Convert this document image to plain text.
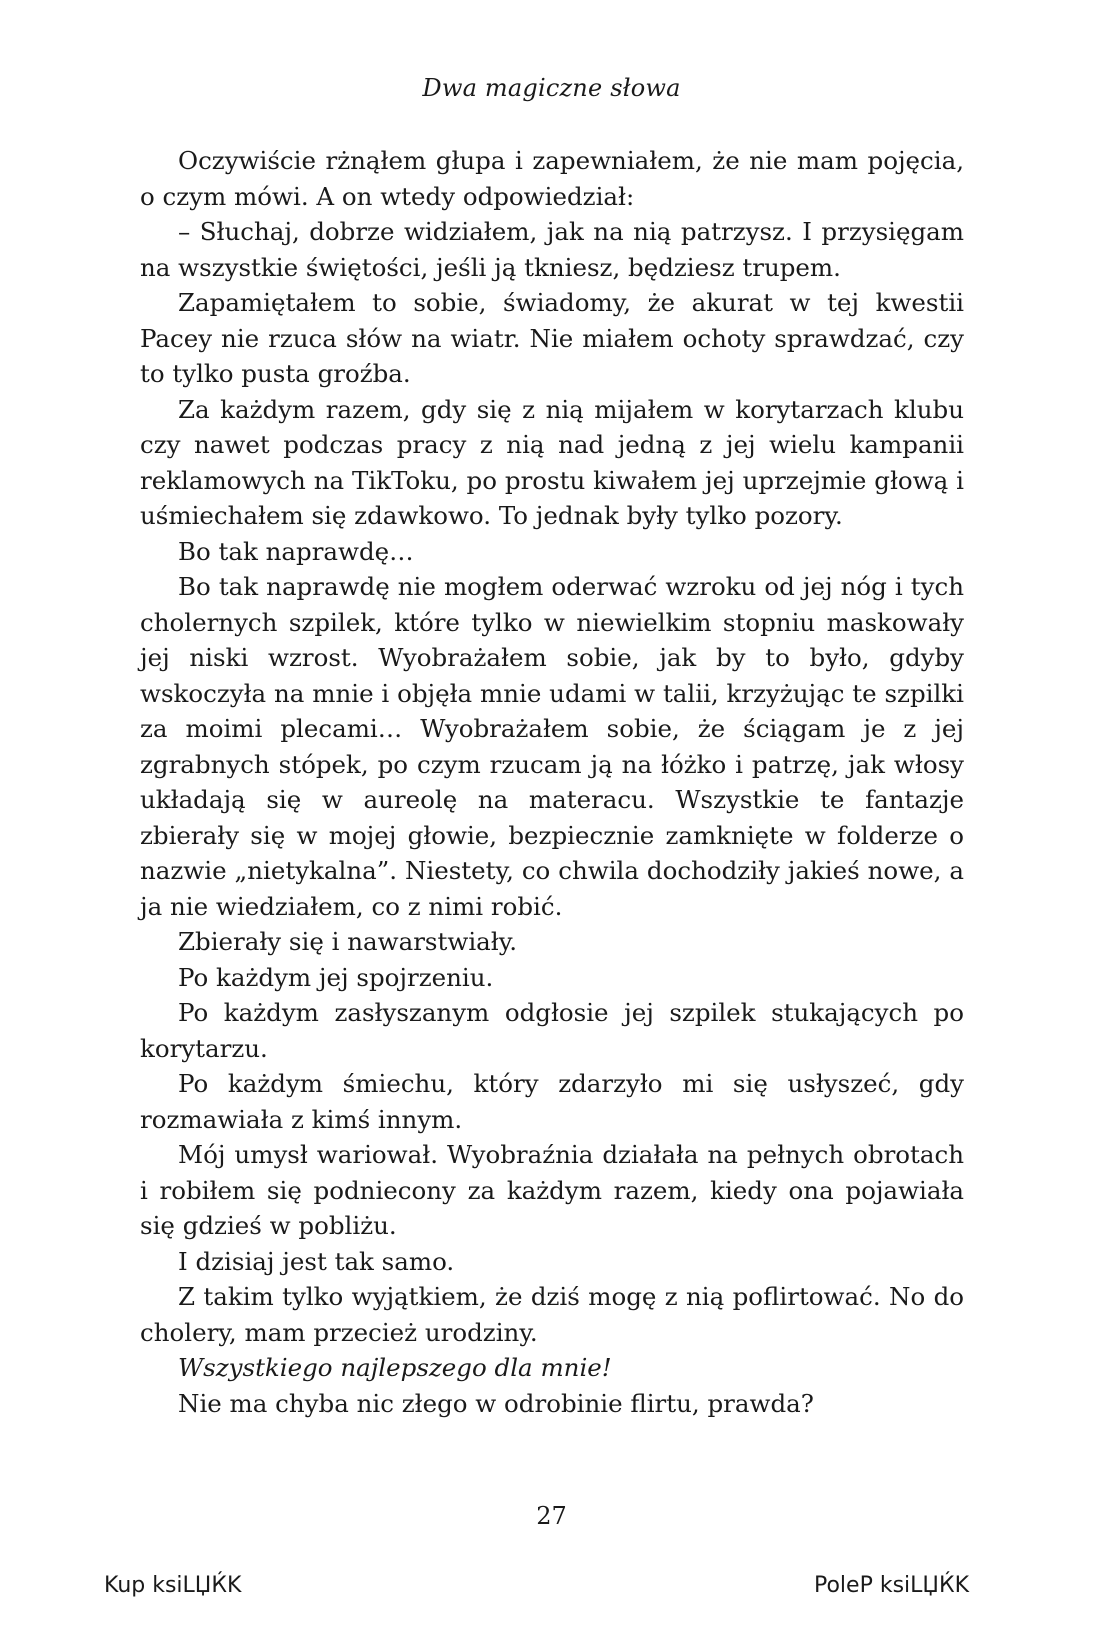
Dwa magiczne słowa

Oczywiście rżnąłem głupa i zapewniałem, że nie mam pojęcia, o czym mówi. A on wtedy odpowiedział:

– Słuchaj, dobrze widziałem, jak na nią patrzysz. I przysięgam na wszystkie świętości, jeśli ją tkniesz, będziesz trupem.

Zapamiętałem to sobie, świadomy, że akurat w tej kwestii Pacey nie rzuca słów na wiatr. Nie miałem ochoty sprawdzać, czy to tylko pusta groźba.

Za każdym razem, gdy się z nią mijałem w korytarzach klubu czy nawet podczas pracy z nią nad jedną z jej wielu kampanii reklamowych na TikToku, po prostu kiwałem jej uprzejmie głową i uśmiechałem się zdawkowo. To jednak były tylko pozory.

Bo tak naprawdę…

Bo tak naprawdę nie mogłem oderwać wzroku od jej nóg i tych cholernych szpilek, które tylko w niewielkim stopniu maskowały jej niski wzrost. Wyobrażałem sobie, jak by to było, gdyby wskoczyła na mnie i objęła mnie udami w talii, krzyżując te szpilki za moimi plecami… Wyobrażałem sobie, że ściągam je z jej zgrabnych stópek, po czym rzucam ją na łóżko i patrzę, jak włosy układają się w aureolę na materacu. Wszystkie te fantazje zbierały się w mojej głowie, bezpiecznie zamknięte w folderze o nazwie „nietykalna”. Niestety, co chwila dochodziły jakieś nowe, a ja nie wiedziałem, co z nimi robić.

Zbierały się i nawarstwiały.

Po każdym jej spojrzeniu.

Po każdym zasłyszanym odgłosie jej szpilek stukających po korytarzu.

Po każdym śmiechu, który zdarzyło mi się usłyszeć, gdy rozmawiała z kimś innym.

Mój umysł wariował. Wyobraźnia działała na pełnych obrotach i robiłem się podniecony za każdym razem, kiedy ona pojawiała się gdzieś w pobliżu.

I dzisiaj jest tak samo.

Z takim tylko wyjątkiem, że dziś mogę z nią poflirtować. No do cholery, mam przecież urodziny.

Wszystkiego najlepszego dla mnie!

Nie ma chyba nic złego w odrobinie flirtu, prawda?

27
Kup ksiLЏЌK	PoleP ksiLЏЌK
